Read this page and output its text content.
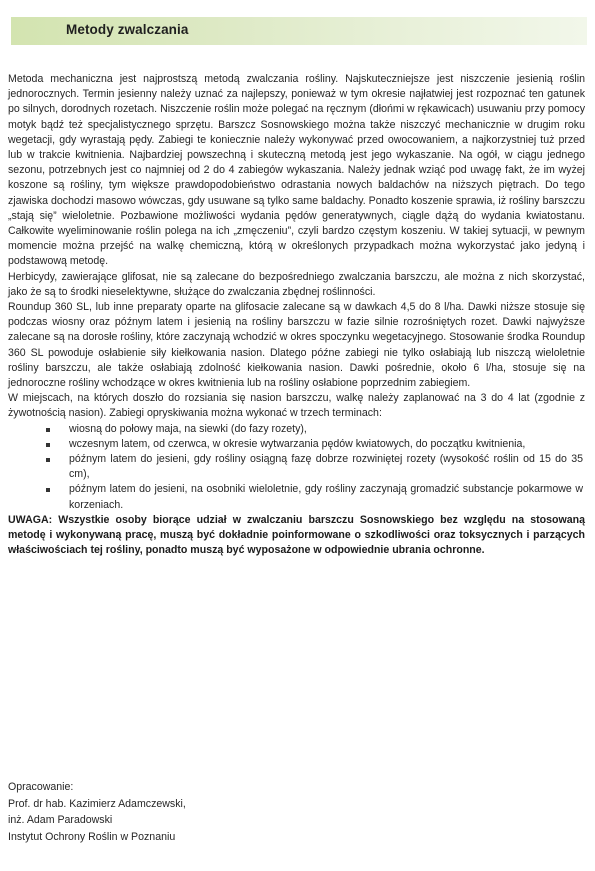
Metody zwalczania

Metoda mechaniczna jest najprostszą metodą zwalczania rośliny. Najskuteczniejsze jest niszczenie jesienią roślin jednorocznych. Termin jesienny należy uznać za najlepszy, ponieważ w tym okresie najłatwiej jest rozpoznać ten gatunek po silnych, dorodnych rozetach. Niszczenie roślin może polegać na ręcznym (dłońmi w rękawicach) usuwaniu przy pomocy motyk bądź też specjalistycznego sprzętu. Barszcz Sosnowskiego można także niszczyć mechanicznie w drugim roku wegetacji, gdy wyrastają pędy. Zabiegi te koniecznie należy wykonywać przed owocowaniem, a najkorzystniej tuż przed lub w trakcie kwitnienia. Najbardziej powszechną i skuteczną metodą jest jego wykaszanie. Na ogół, w ciągu jednego sezonu, potrzebnych jest co najmniej od 2 do 4 zabiegów wykaszania. Należy jednak wziąć pod uwagę fakt, że im wyżej koszone są rośliny, tym większe prawdopodobieństwo odrastania nowych baldachów na niższych piętrach. Do tego zjawiska dochodzi masowo wówczas, gdy usuwane są tylko same baldachy. Ponadto koszenie sprawia, iż rośliny barszczu „stają się” wieloletnie. Pozbawione możliwości wydania pędów generatywnych, ciągle dążą do wydania kwiatostanu. Całkowite wyeliminowanie roślin polega na ich „zmęczeniu”, czyli bardzo częstym koszeniu. W takiej sytuacji, w pewnym momencie można przejść na walkę chemiczną, którą w określonych przypadkach można wykorzystać jako jedyną i podstawową metodę.

Herbicydy, zawierające glifosat, nie są zalecane do bezpośredniego zwalczania barszczu, ale można z nich skorzystać, jako że są to środki nieselektywne, służące do zwalczania zbędnej roślinności.

Roundup 360 SL, lub inne preparaty oparte na glifosacie zalecane są w dawkach 4,5 do 8 l/ha. Dawki niższe stosuje się podczas wiosny oraz późnym latem i jesienią na rośliny barszczu w fazie silnie rozrośniętych rozet. Dawki najwyższe zalecane są na dorosłe rośliny, które zaczynają wchodzić w okres spoczynku wegetacyjnego. Stosowanie środka Roundup 360 SL powoduje osłabienie siły kiełkowania nasion. Dlatego późne zabiegi nie tylko osłabiają lub niszczą wieloletnie rośliny barszczu, ale także osłabiają zdolność kiełkowania nasion. Dawki pośrednie, około 6 l/ha, stosuje się na jednoroczne rośliny wchodzące w okres kwitnienia lub na rośliny osłabione poprzednim zabiegiem.

W miejscach, na których doszło do rozsiania się nasion barszczu, walkę należy zaplanować na 3 do 4 lat (zgodnie z żywotnością nasion). Zabiegi opryskiwania można wykonać w trzech terminach:

wiosną do połowy maja, na siewki (do fazy rozety),
wczesnym latem, od czerwca, w okresie wytwarzania pędów kwiatowych, do początku kwitnienia,
późnym latem do jesieni, gdy rośliny osiągną fazę dobrze rozwiniętej rozety (wysokość roślin od 15 do 35 cm),
późnym latem do jesieni, na osobniki wieloletnie, gdy rośliny zaczynają gromadzić substancje pokarmowe w korzeniach.

UWAGA: Wszystkie osoby biorące udział w zwalczaniu barszczu Sosnowskiego bez względu na stosowaną metodę i wykonywaną pracę, muszą być dokładnie poinformowane o szkodliwości oraz toksycznych i parzących właściwościach tej rośliny, ponadto muszą być wyposażone w odpowiednie ubrania ochronne.

Opracowanie:
Prof. dr hab. Kazimierz Adamczewski,
inż. Adam Paradowski
Instytut Ochrony Roślin w Poznaniu
